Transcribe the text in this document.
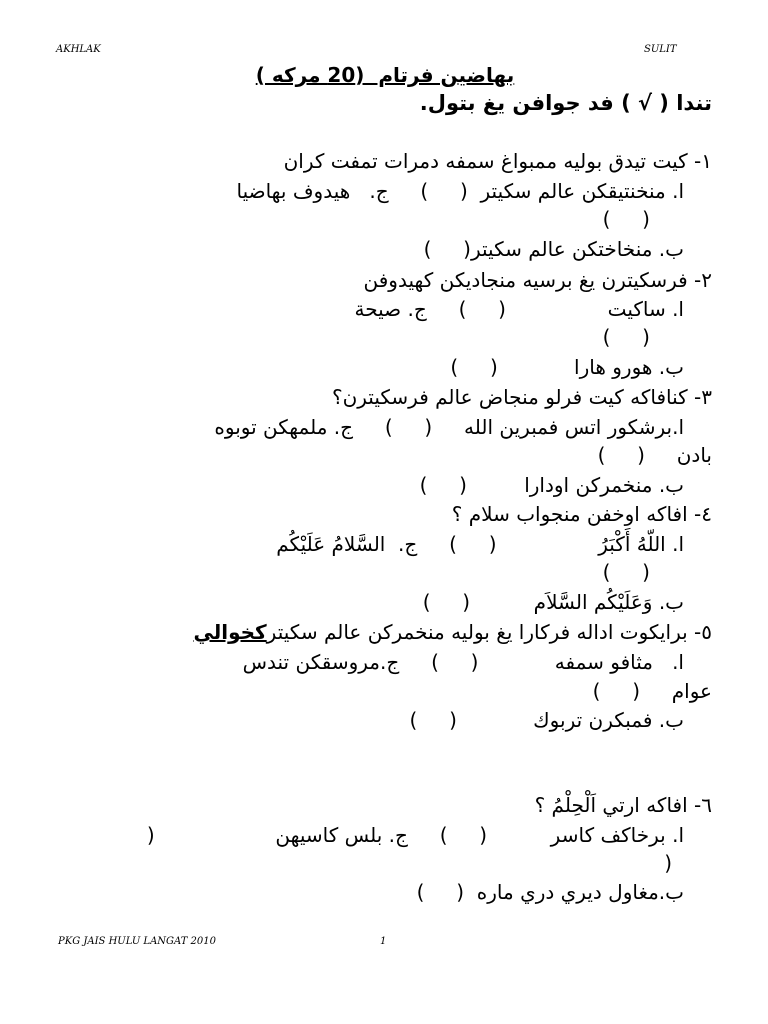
AKHLAK	SULIT
بهاضين فرتام  (20 مركه )
تندا ( √ ) فد جوافن يغ بتول.
١- كيت تيدق بوليه ممبواغ سمفه دمرات تمفت كران
ا. منخنتيقكن عالم سكيتر  (     )     ج.   هيدوف بهاضيا
(     )
ب. منخاختكن عالم سكيتر(     )
٢- فرسكيترن يغ برسيه منجاديكن كهيدوفن
ا. ساكيت                (     )     ج. صيحة
(     )
ب. هورو هارا            (     )
٣- كنافاكه كيت فرلو منجاض عالم فرسكيترن؟
ا.برشكور اتس فمبرين الله     (     )     ج. ملمهكن توبوه
بادن     (     )
ب. منخمركن اودارا         (     )
٤- افاكه اوخفن منجواب سلام ؟
ا. اللّهُ أَكْبَرُ                (     )     ج.  السَّلامُ عَلَيْكُم
(     )
ب. وَعَلَيْكُم السَّلاَم          (     )
٥- برايكوت اداله فركارا يغ بوليه منخمركن عالم سكيتركخوالي
ا.   مثافو سمفه            (     )     ج.مروسقكن تندس
عوام     (     )
ب. فمبكرن تربوك            (     )
٦- افاكه ارتي اَلْحِلْمُ ؟
ا. برخاكف كاسر          (     )     ج. بلس كاسيهن                   (
)
ب.مغاول ديري دري ماره  (     )
PKG JAIS HULU LANGAT 2010	1
